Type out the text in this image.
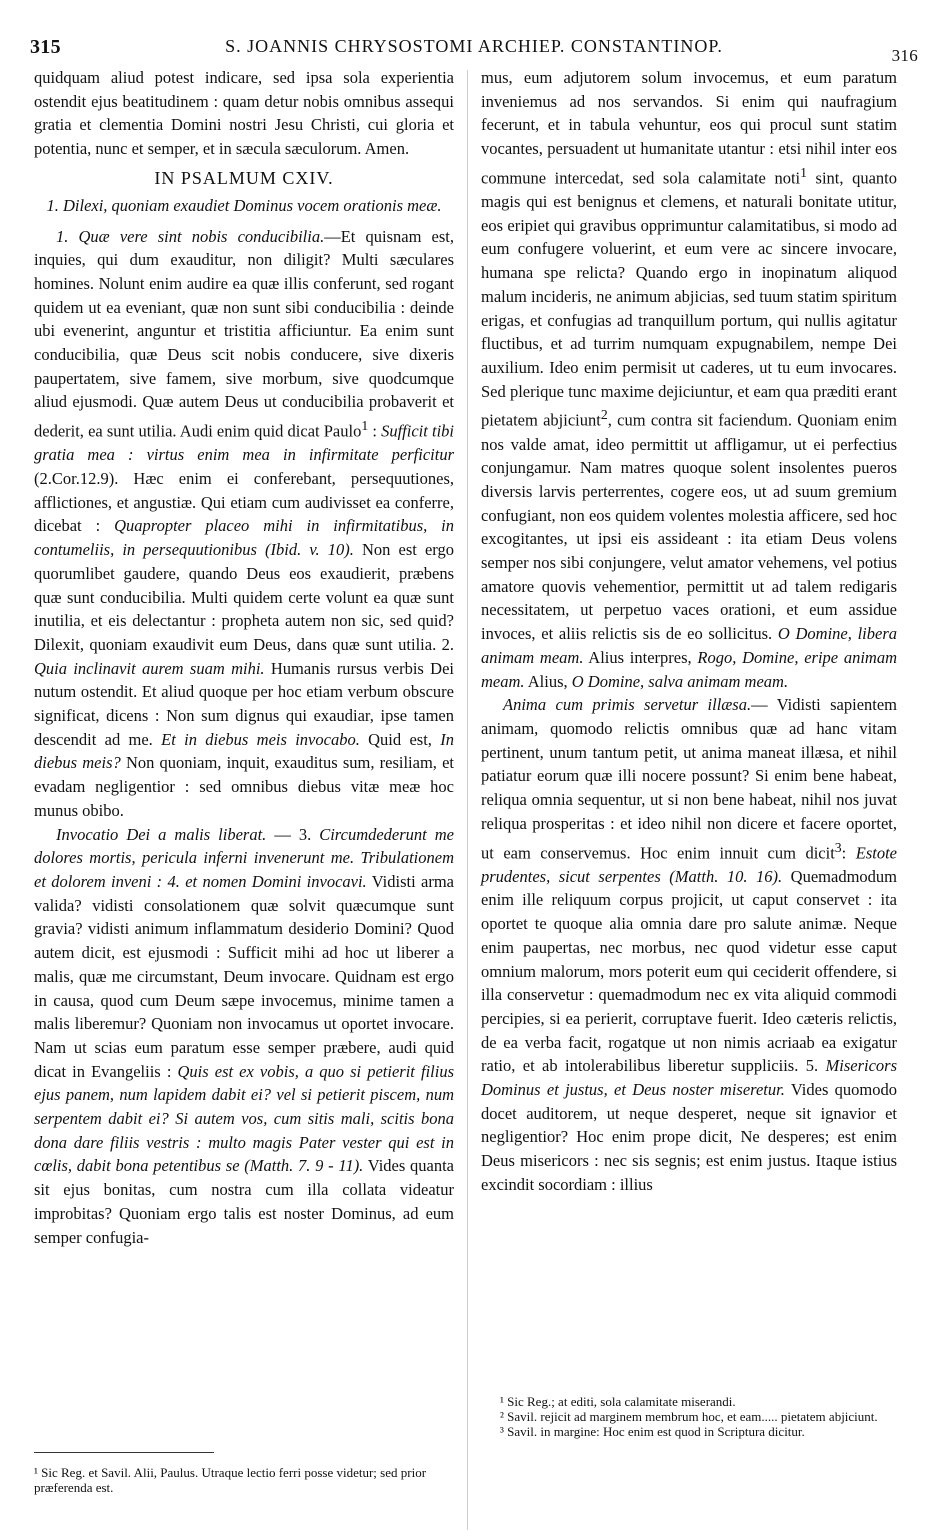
315	S. JOANNIS CHRYSOSTOMI ARCHIEP. CONSTANTINOP.	316

quidquam aliud potest indicare, sed ipsa sola experientia ostendit ejus beatitudinem : quam detur nobis omnibus assequi gratia et clementia Domini nostri Jesu Christi, cui gloria et potentia, nunc et semper, et in sæcula sæculorum. Amen.

IN PSALMUM CXIV.
1. Dilexi, quoniam exaudiet Dominus vocem orationis meæ.

1. Quæ vere sint nobis conducibilia.—Et quisnam est, inquies, qui dum exauditur, non diligit? Multi sæculares homines. Nolunt enim audire ea quæ illis conferunt, sed rogant quidem ut ea eveniant, quæ non sunt sibi conducibilia : deinde ubi evenerint, anguntur et tristitia afficiuntur. Ea enim sunt conducibilia, quæ Deus scit nobis conducere, sive dixeris paupertatem, sive famem, sive morbum, sive quodcumque aliud ejusmodi. Quæ autem Deus ut conducibilia probaverit et dederit, ea sunt utilia. Audi enim quid dicat Paulo$^1$ : Sufficit tibi gratia mea : virtus enim mea in infirmitate perficitur (2.Cor.12.9). Hæc enim ei conferebant, persequutiones, afflictiones, et angustiæ. Qui etiam cum audivisset ea conferre, dicebat : Quapropter placeo mihi in infirmitatibus, in contumeliis, in persequutionibus (Ibid. v. 10). Non est ergo quorumlibet gaudere, quando Deus eos exaudierit, præbens quæ sunt conducibilia. Multi quidem certe volunt ea quæ sunt inutilia, et eis delectantur : propheta autem non sic, sed quid? Dilexit, quoniam exaudivit eum Deus, dans quæ sunt utilia. 2. Quia inclinavit aurem suam mihi. Humanis rursus verbis Dei nutum ostendit. Et aliud quoque per hoc etiam verbum obscure significat, dicens : Non sum dignus qui exaudiar, ipse tamen descendit ad me. Et in diebus meis invocabo. Quid est, In diebus meis? Non quoniam, inquit, exauditus sum, resiliam, et evadam negligentior : sed omnibus diebus vitæ meæ hoc munus obibo.

Invocatio Dei a malis liberat. — 3. Circumdederunt me dolores mortis, pericula inferni invenerunt me. Tribulationem et dolorem inveni : 4. et nomen Domini invocavi. Vidisti arma valida? vidisti consolationem quæ solvit quæcumque sunt gravia? vidisti animum inflammatum desiderio Domini? Quod autem dicit, est ejusmodi : Sufficit mihi ad hoc ut liberer a malis, quæ me circumstant, Deum invocare. Quidnam est ergo in causa, quod cum Deum sæpe invocemus, minime tamen a malis liberemur? Quoniam non invocamus ut oportet invocare. Nam ut scias eum paratum esse semper præbere, audi quid dicat in Evangeliis : Quis est ex vobis, a quo si petierit filius ejus panem, num lapidem dabit ei? vel si petierit piscem, num serpentem dabit ei? Si autem vos, cum sitis mali, scitis bona dona dare filiis vestris : multo magis Pater vester qui est in cœlis, dabit bona petentibus se (Matth. 7. 9 - 11). Vides quanta sit ejus bonitas, cum nostra cum illa collata videatur improbitas? Quoniam ergo talis est noster Dominus, ad eum semper confugia-

¹ Sic Reg. et Savil. Alii, Paulus. Utraque lectio ferri posse videtur; sed prior præferenda est.

mus, eum adjutorem solum invocemus, et eum paratum inveniemus ad nos servandos. Si enim qui naufragium fecerunt, et in tabula vehuntur, eos qui procul sunt statim vocantes, persuadent ut humanitate utantur : etsi nihil inter eos commune intercedat, sed sola calamitate noti$^1$ sint, quanto magis qui est benignus et clemens, et naturali bonitate utitur, eos eripiet qui gravibus opprimuntur calamitatibus, si modo ad eum confugere voluerint, et eum vere ac sincere invocare, humana spe relicta? Quando ergo in inopinatum aliquod malum incideris, ne animum abjicias, sed tuum statim spiritum erigas, et confugias ad tranquillum portum, qui nullis agitatur fluctibus, et ad turrim numquam expugnabilem, nempe Dei auxilium. Ideo enim permisit ut caderes, ut tu eum invocares. Sed plerique tunc maxime dejiciuntur, et eam qua præditi erant pietatem abjiciunt$^2$, cum contra sit faciendum. Quoniam enim nos valde amat, ideo permittit ut affligamur, ut ei perfectius conjungamur. Nam matres quoque solent insolentes pueros diversis larvis perterrentes, cogere eos, ut ad suum gremium confugiant, non eos quidem volentes molestia afficere, sed hoc excogitantes, ut ipsi eis assideant : ita etiam Deus volens semper nos sibi conjungere, velut amator vehemens, vel potius amatore quovis vehementior, permittit ut ad talem redigaris necessitatem, ut perpetuo vaces orationi, et eum assidue invoces, et aliis relictis sis de eo sollicitus. O Domine, libera animam meam. Alius interpres, Rogo, Domine, eripe animam meam. Alius, O Domine, salva animam meam.

Anima cum primis servetur illæsa.— Vidisti sapientem animam, quomodo relictis omnibus quæ ad hanc vitam pertinent, unum tantum petit, ut anima maneat illæsa, et nihil patiatur eorum quæ illi nocere possunt? Si enim bene habeat, reliqua omnia sequentur, ut si non bene habeat, nihil nos juvat reliqua prosperitas : et ideo nihil non dicere et facere oportet, ut eam conservemus. Hoc enim innuit cum dicit$^3$: Estote prudentes, sicut serpentes (Matth. 10. 16). Quemadmodum enim ille reliquum corpus projicit, ut caput conservet : ita oportet te quoque alia omnia dare pro salute animæ. Neque enim paupertas, nec morbus, nec quod videtur esse caput omnium malorum, mors poterit eum qui ceciderit offendere, si illa conservetur : quemadmodum nec ex vita aliquid commodi percipies, si ea perierit, corruptave fuerit. Ideo cæteris relictis, de ea verba facit, rogatque ut non nimis acriaab ea exigatur ratio, et ab intolerabilibus liberetur suppliciis. 5. Misericors Dominus et justus, et Deus noster miseretur. Vides quomodo docet auditorem, ut neque desperet, neque sit ignavior et negligentior? Hoc enim prope dicit, Ne desperes; est enim Deus misericors : nec sis segnis; est enim justus. Itaque istius excindit socordiam : illius

¹ Sic Reg.; at editi, sola calamitate miserandi.
² Savil. rejicit ad marginem membrum hoc, et eam..... pietatem abjiciunt.
³ Savil. in margine: Hoc enim est quod in Scriptura dicitur.
